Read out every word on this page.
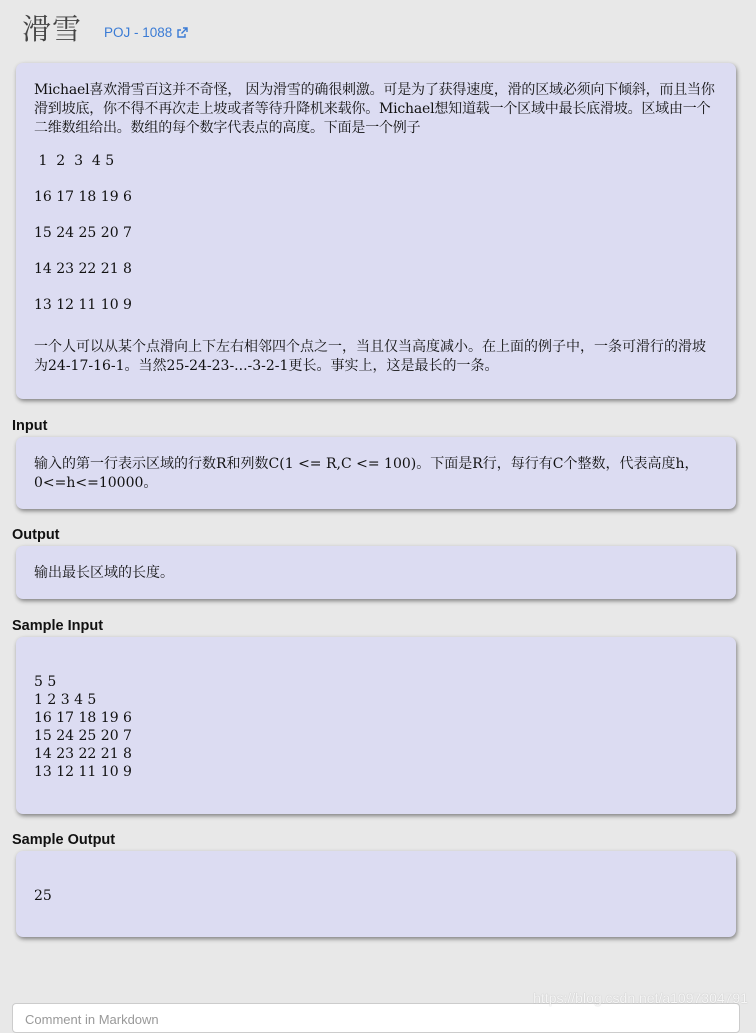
滑雪 POJ - 1088
Michael喜欢滑雪百这并不奇怪， 因为滑雪的确很刺激。可是为了获得速度，滑的区域必须向下倾斜，而且当你滑到坡底，你不得不再次走上坡或者等待升降机来载你。Michael想知道载一个区域中最长底滑坡。区域由一个二维数组给出。数组的每个数字代表点的高度。下面是一个例子
1  2  3  4 5
16 17 18 19 6
15 24 25 20 7
14 23 22 21 8
13 12 11 10 9
一个人可以从某个点滑向上下左右相邻四个点之一，当且仅当高度减小。在上面的例子中，一条可滑行的滑坡为24-17-16-1。当然25-24-23-...-3-2-1更长。事实上，这是最长的一条。
Input
输入的第一行表示区域的行数R和列数C(1 <= R,C <= 100)。下面是R行，每行有C个整数，代表高度h，0<=h<=10000。
Output
输出最长区域的长度。
Sample Input
5 5
1 2 3 4 5
16 17 18 19 6
15 24 25 20 7
14 23 22 21 8
13 12 11 10 9
Sample Output
25
Comment in Markdown
https://blog.csdn.net/a1097304791
